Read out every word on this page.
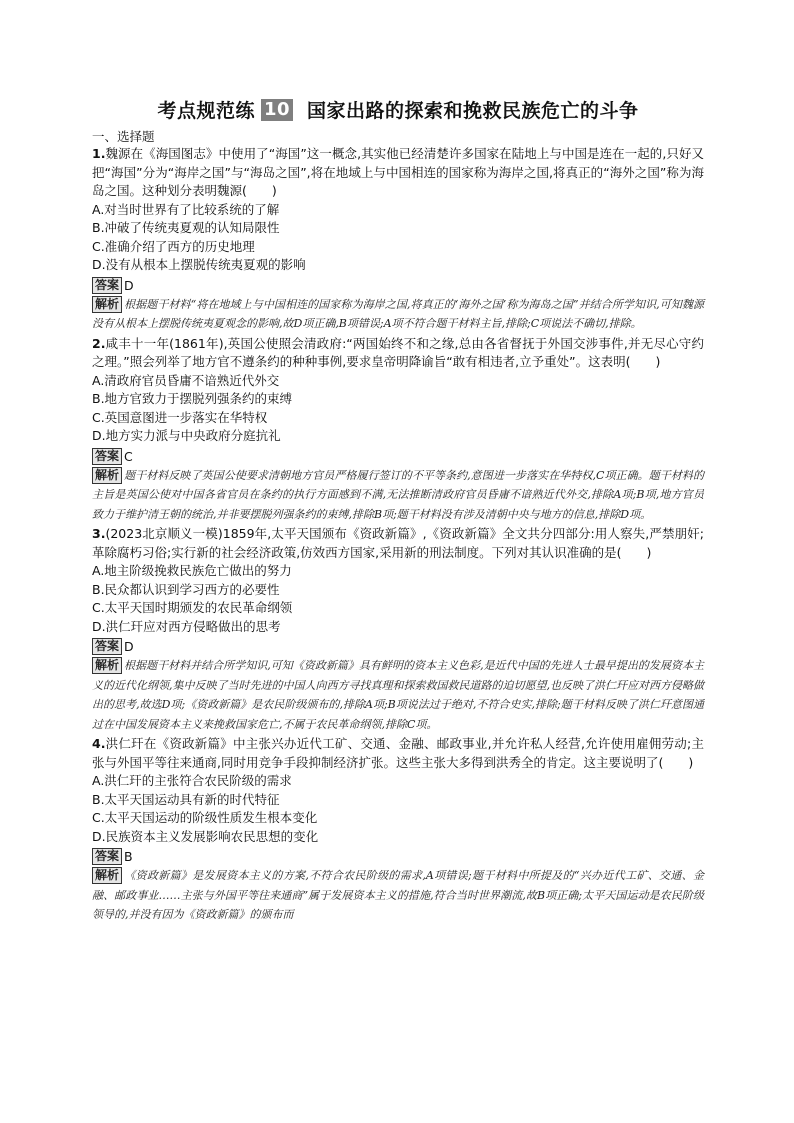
考点规范练 10 国家出路的探索和挽救民族危亡的斗争
一、选择题

1.魏源在《海国图志》中使用了“海国”这一概念,其实他已经清楚许多国家在陆地上与中国是连在一起的,只好又把“海国”分为“海岸之国”与“海岛之国”,将在地域上与中国相连的国家称为海岸之国,将真正的“海外之国”称为海岛之国。这种划分表明魏源(　　)

A.对当时世界有了比较系统的了解
B.冲破了传统夷夏观的认知局限性
C.准确介绍了西方的历史地理
D.没有从根本上摆脱传统夷夏观的影响
答案 D

解析 根据题干材料“将在地域上与中国相连的国家称为海岸之国,将真正的‘海外之国’称为海岛之国”并结合所学知识,可知魏源没有从根本上摆脱传统夷夏观念的影响,故D项正确,B项错误;A项不符合题干材料主旨,排除;C项说法不确切,排除。

2.咸丰十一年(1861年),英国公使照会清政府:“两国始终不和之缘,总由各省督抚于外国交涉事件,并无尽心守约之理。”照会列举了地方官不遵条约的种种事例,要求皇帝明降谕旨“敢有相违者,立予重处”。这表明(　　)

A.清政府官员昏庸不谙熟近代外交
B.地方官致力于摆脱列强条约的束缚
C.英国意图进一步落实在华特权
D.地方实力派与中央政府分庭抗礼
答案 C

解析 题干材料反映了英国公使要求清朝地方官员严格履行签订的不平等条约,意图进一步落实在华特权,C项正确。题干材料的主旨是英国公使对中国各省官员在条约的执行方面感到不满,无法推断清政府官员昏庸不谙熟近代外交,排除A项;B项,地方官员致力于维护清王朝的统治,并非要摆脱列强条约的束缚,排除B项;题干材料没有涉及清朝中央与地方的信息,排除D项。

3.(2023北京顺义一模)1859年,太平天国颁布《资政新篇》,《资政新篇》全文共分四部分:用人察失,严禁朋奸;革除腐朽习俗;实行新的社会经济政策,仿效西方国家,采用新的刑法制度。下列对其认识准确的是(　　)

A.地主阶级挽救民族危亡做出的努力
B.民众都认识到学习西方的必要性
C.太平天国时期颁发的农民革命纲领
D.洪仁玕应对西方侵略做出的思考
答案 D

解析 根据题干材料并结合所学知识,可知《资政新篇》具有鲜明的资本主义色彩,是近代中国的先进人士最早提出的发展资本主义的近代化纲领,集中反映了当时先进的中国人向西方寻找真理和探索救国救民道路的迫切愿望,也反映了洪仁玕应对西方侵略做出的思考,故选D项;《资政新篇》是农民阶级颁布的,排除A项;B项说法过于绝对,不符合史实,排除;题干材料反映了洪仁玕意图通过在中国发展资本主义来挽救国家危亡,不属于农民革命纲领,排除C项。

4.洪仁玕在《资政新篇》中主张兴办近代工矿、交通、金融、邮政事业,并允许私人经营,允许使用雇佣劳动;主张与外国平等往来通商,同时用竞争手段抑制经济扩张。这些主张大多得到洪秀全的肯定。这主要说明了(　　)

A.洪仁玕的主张符合农民阶级的需求
B.太平天国运动具有新的时代特征
C.太平天国运动的阶级性质发生根本变化
D.民族资本主义发展影响农民思想的变化
答案 B

解析 《资政新篇》是发展资本主义的方案,不符合农民阶级的需求,A项错误;题干材料中所提及的“兴办近代工矿、交通、金融、邮政事业……主张与外国平等往来通商”属于发展资本主义的措施,符合当时世界潮流,故B项正确;太平天国运动是农民阶级领导的,并没有因为《资政新篇》的颁布而
